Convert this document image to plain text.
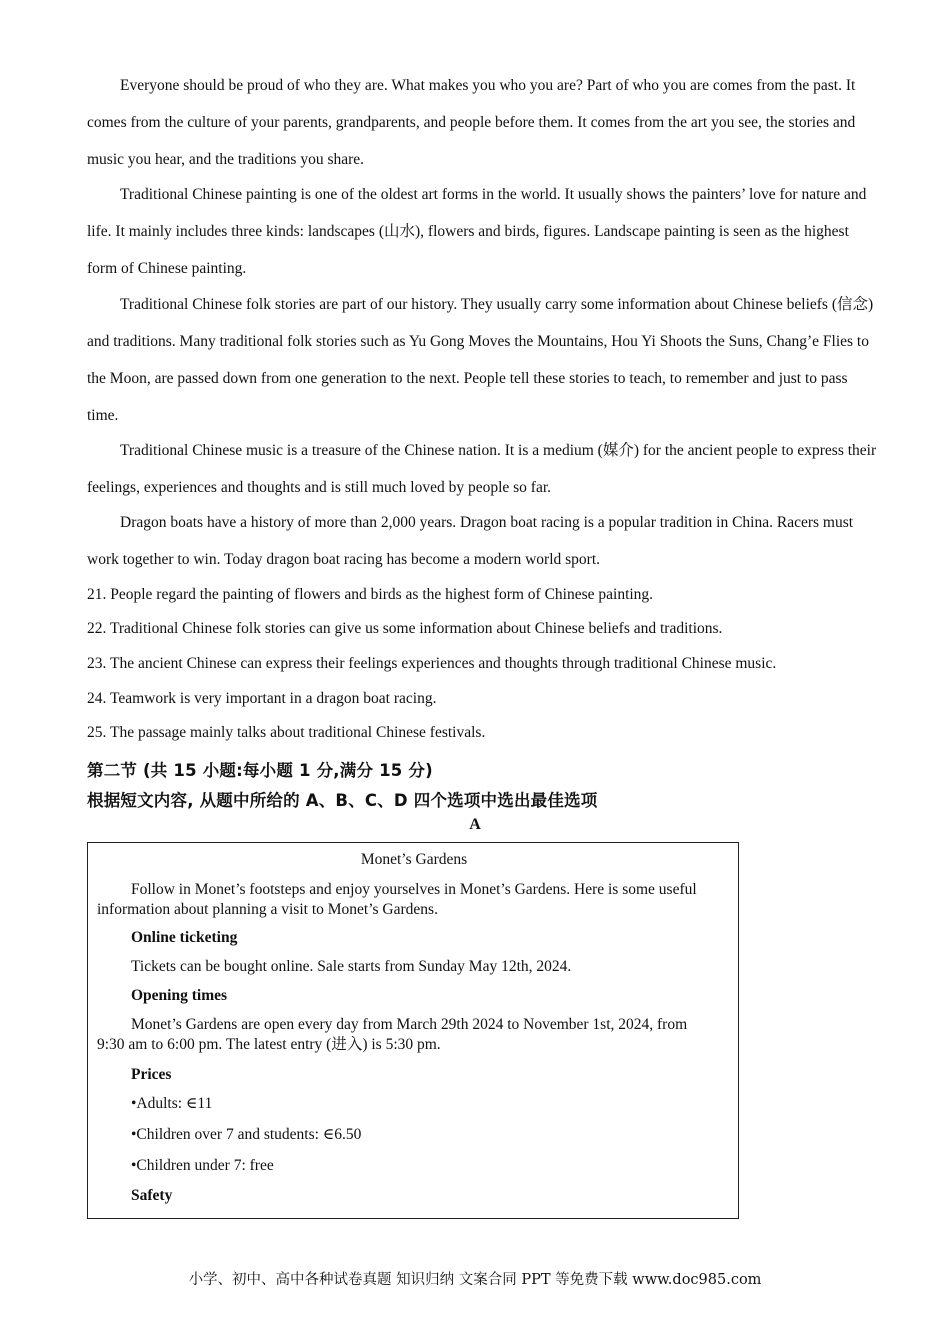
Everyone should be proud of who they are. What makes you who you are? Part of who you are comes from the past. It comes from the culture of your parents, grandparents, and people before them. It comes from the art you see, the stories and music you hear, and the traditions you share.

Traditional Chinese painting is one of the oldest art forms in the world. It usually shows the painters’ love for nature and life. It mainly includes three kinds: landscapes (山水), flowers and birds, figures. Landscape painting is seen as the highest form of Chinese painting.

Traditional Chinese folk stories are part of our history. They usually carry some information about Chinese beliefs (信念) and traditions. Many traditional folk stories such as Yu Gong Moves the Mountains, Hou Yi Shoots the Suns, Chang’e Flies to the Moon, are passed down from one generation to the next. People tell these stories to teach, to remember and just to pass time.

Traditional Chinese music is a treasure of the Chinese nation. It is a medium (媒介) for the ancient people to express their feelings, experiences and thoughts and is still much loved by people so far.

Dragon boats have a history of more than 2,000 years. Dragon boat racing is a popular tradition in China. Racers must work together to win. Today dragon boat racing has become a modern world sport.

21. People regard the painting of flowers and birds as the highest form of Chinese painting.

22. Traditional Chinese folk stories can give us some information about Chinese beliefs and traditions.

23. The ancient Chinese can express their feelings experiences and thoughts through traditional Chinese music.

24. Teamwork is very important in a dragon boat racing.

25. The passage mainly talks about traditional Chinese festivals.

第二节 (共 15 小题:每小题 1 分,满分 15 分)
根据短文内容, 从题中所给的 A、B、C、D 四个选项中选出最佳选项
A
Monet’s Gardens

Follow in Monet’s footsteps and enjoy yourselves in Monet’s Gardens. Here is some useful information about planning a visit to Monet’s Gardens.

Online ticketing

Tickets can be bought online. Sale starts from Sunday May 12th, 2024.

Opening times

Monet’s Gardens are open every day from March 29th 2024 to November 1st, 2024, from 9:30 am to 6:00 pm. The latest entry (进入) is 5:30 pm.

Prices

•Adults: ∈11

•Children over 7 and students: ∈6.50

•Children under 7: free

Safety

小学、初中、高中各种试卷真题 知识归纳 文案合同 PPT 等免费下载 www.doc985.com
